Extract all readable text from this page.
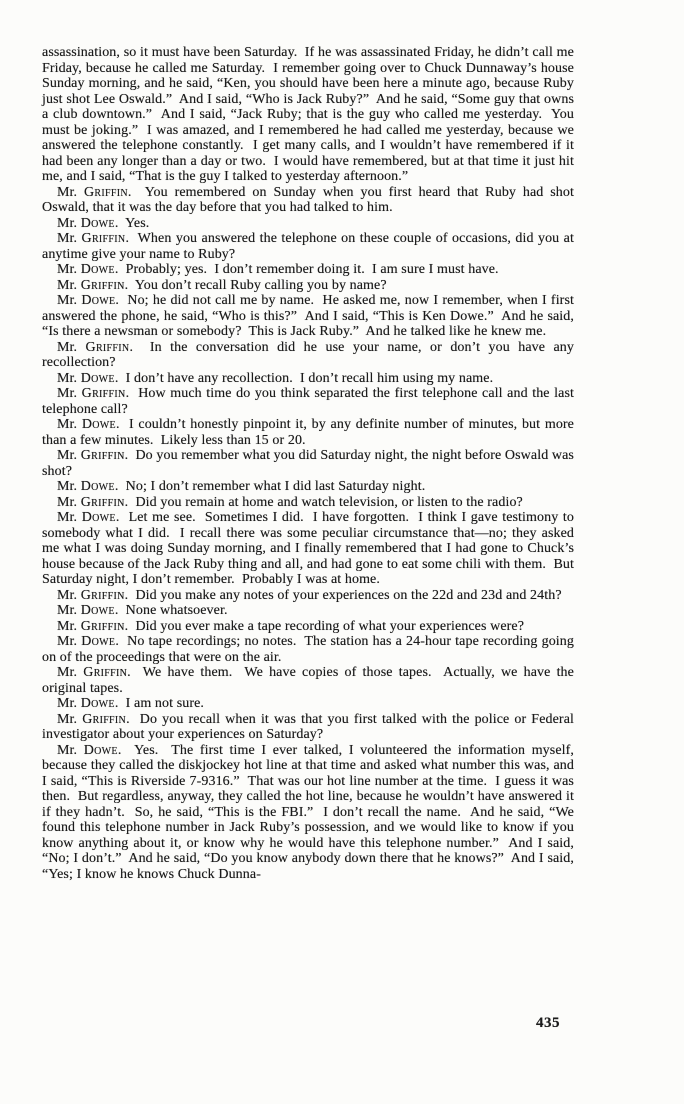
assassination, so it must have been Saturday.  If he was assassinated Friday, he didn’t call me Friday, because he called me Saturday.  I remember going over to Chuck Dunnaway’s house Sunday morning, and he said, “Ken, you should have been here a minute ago, because Ruby just shot Lee Oswald.”  And I said, “Who is Jack Ruby?”  And he said, “Some guy that owns a club downtown.”  And I said, “Jack Ruby; that is the guy who called me yesterday.  You must be joking.”  I was amazed, and I remembered he had called me yesterday, because we answered the telephone constantly.  I get many calls, and I wouldn’t have remembered if it had been any longer than a day or two.  I would have remembered, but at that time it just hit me, and I said, “That is the guy I talked to yesterday afternoon.”

Mr. Griffin.  You remembered on Sunday when you first heard that Ruby had shot Oswald, that it was the day before that you had talked to him.

Mr. Dowe.  Yes.

Mr. Griffin.  When you answered the telephone on these couple of occasions, did you at anytime give your name to Ruby?

Mr. Dowe.  Probably; yes.  I don’t remember doing it.  I am sure I must have.

Mr. Griffin.  You don’t recall Ruby calling you by name?

Mr. Dowe.  No; he did not call me by name.  He asked me, now I remember, when I first answered the phone, he said, “Who is this?”  And I said, “This is Ken Dowe.”  And he said, “Is there a newsman or somebody?  This is Jack Ruby.”  And he talked like he knew me.

Mr. Griffin.  In the conversation did he use your name, or don’t you have any recollection?

Mr. Dowe.  I don’t have any recollection.  I don’t recall him using my name.

Mr. Griffin.  How much time do you think separated the first telephone call and the last telephone call?

Mr. Dowe.  I couldn’t honestly pinpoint it, by any definite number of minutes, but more than a few minutes.  Likely less than 15 or 20.

Mr. Griffin.  Do you remember what you did Saturday night, the night before Oswald was shot?

Mr. Dowe.  No; I don’t remember what I did last Saturday night.

Mr. Griffin.  Did you remain at home and watch television, or listen to the radio?

Mr. Dowe.  Let me see.  Sometimes I did.  I have forgotten.  I think I gave testimony to somebody what I did.  I recall there was some peculiar circumstance that—no; they asked me what I was doing Sunday morning, and I finally remembered that I had gone to Chuck’s house because of the Jack Ruby thing and all, and had gone to eat some chili with them.  But Saturday night, I don’t remember.  Probably I was at home.

Mr. Griffin.  Did you make any notes of your experiences on the 22d and 23d and 24th?

Mr. Dowe.  None whatsoever.

Mr. Griffin.  Did you ever make a tape recording of what your experiences were?

Mr. Dowe.  No tape recordings; no notes.  The station has a 24-hour tape recording going on of the proceedings that were on the air.

Mr. Griffin.  We have them.  We have copies of those tapes.  Actually, we have the original tapes.

Mr. Dowe.  I am not sure.

Mr. Griffin.  Do you recall when it was that you first talked with the police or Federal investigator about your experiences on Saturday?

Mr. Dowe.  Yes.  The first time I ever talked, I volunteered the information myself, because they called the diskjockey hot line at that time and asked what number this was, and I said, “This is Riverside 7-9316.”  That was our hot line number at the time.  I guess it was then.  But regardless, anyway, they called the hot line, because he wouldn’t have answered it if they hadn’t.  So, he said, “This is the FBI.”  I don’t recall the name.  And he said, “We found this telephone number in Jack Ruby’s possession, and we would like to know if you know anything about it, or know why he would have this telephone number.”  And I said, “No; I don’t.”  And he said, “Do you know anybody down there that he knows?”  And I said, “Yes; I know he knows Chuck Dunna-

435
